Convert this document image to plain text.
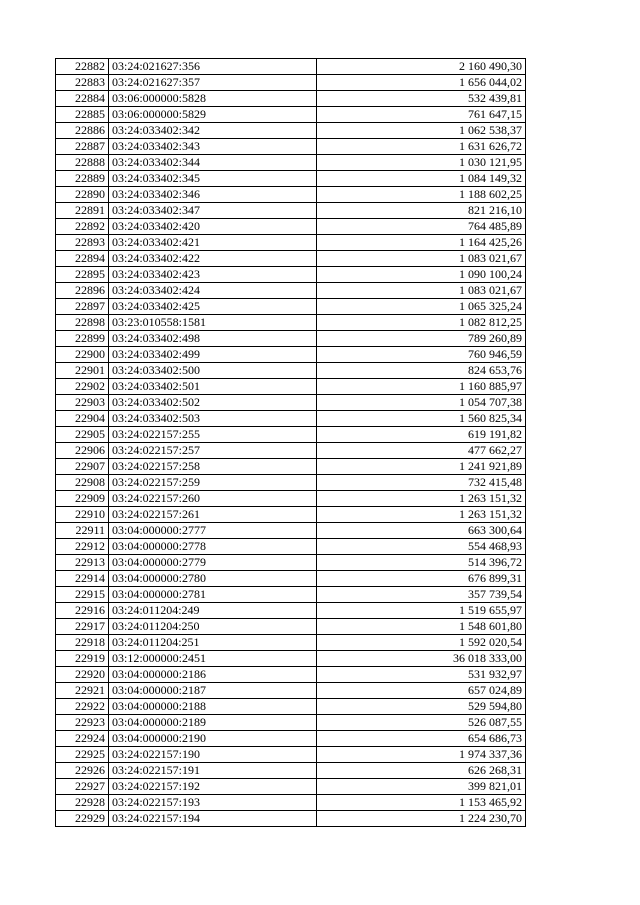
22882	03:24:021627:356	2 160 490,30
22883	03:24:021627:357	1 656 044,02
22884	03:06:000000:5828	532 439,81
22885	03:06:000000:5829	761 647,15
22886	03:24:033402:342	1 062 538,37
22887	03:24:033402:343	1 631 626,72
22888	03:24:033402:344	1 030 121,95
22889	03:24:033402:345	1 084 149,32
22890	03:24:033402:346	1 188 602,25
22891	03:24:033402:347	821 216,10
22892	03:24:033402:420	764 485,89
22893	03:24:033402:421	1 164 425,26
22894	03:24:033402:422	1 083 021,67
22895	03:24:033402:423	1 090 100,24
22896	03:24:033402:424	1 083 021,67
22897	03:24:033402:425	1 065 325,24
22898	03:23:010558:1581	1 082 812,25
22899	03:24:033402:498	789 260,89
22900	03:24:033402:499	760 946,59
22901	03:24:033402:500	824 653,76
22902	03:24:033402:501	1 160 885,97
22903	03:24:033402:502	1 054 707,38
22904	03:24:033402:503	1 560 825,34
22905	03:24:022157:255	619 191,82
22906	03:24:022157:257	477 662,27
22907	03:24:022157:258	1 241 921,89
22908	03:24:022157:259	732 415,48
22909	03:24:022157:260	1 263 151,32
22910	03:24:022157:261	1 263 151,32
22911	03:04:000000:2777	663 300,64
22912	03:04:000000:2778	554 468,93
22913	03:04:000000:2779	514 396,72
22914	03:04:000000:2780	676 899,31
22915	03:04:000000:2781	357 739,54
22916	03:24:011204:249	1 519 655,97
22917	03:24:011204:250	1 548 601,80
22918	03:24:011204:251	1 592 020,54
22919	03:12:000000:2451	36 018 333,00
22920	03:04:000000:2186	531 932,97
22921	03:04:000000:2187	657 024,89
22922	03:04:000000:2188	529 594,80
22923	03:04:000000:2189	526 087,55
22924	03:04:000000:2190	654 686,73
22925	03:24:022157:190	1 974 337,36
22926	03:24:022157:191	626 268,31
22927	03:24:022157:192	399 821,01
22928	03:24:022157:193	1 153 465,92
22929	03:24:022157:194	1 224 230,70
